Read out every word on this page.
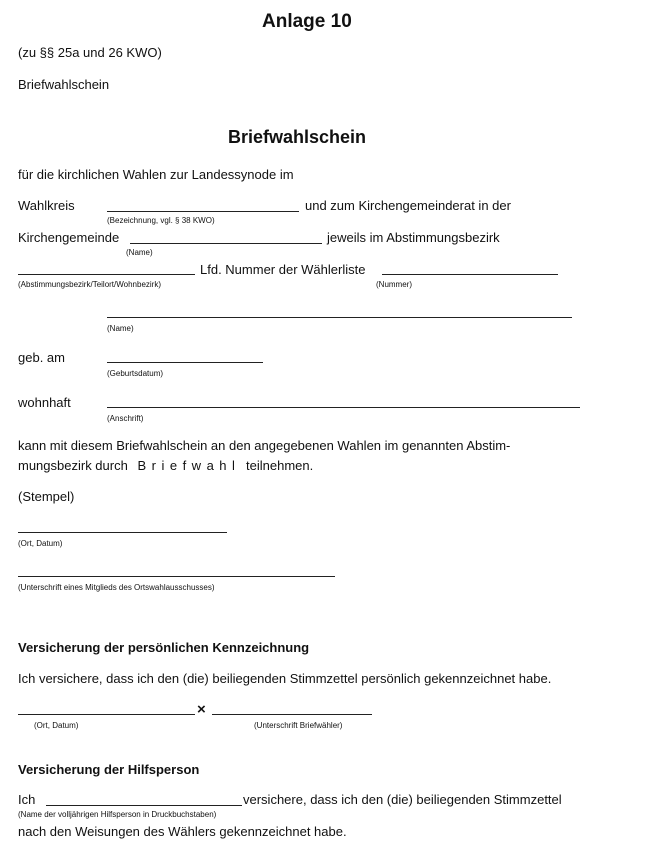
Anlage 10
(zu §§ 25a und 26 KWO)
Briefwahlschein
Briefwahlschein
für die kirchlichen Wahlen zur Landessynode im
Wahlkreis	und zum Kirchengemeinderat in der
(Bezeichnung, vgl. § 38 KWO)
Kirchengemeinde	jeweils im Abstimmungsbezirk
(Name)
Lfd. Nummer der Wählerliste
(Abstimmungsbezirk/Teilort/Wohnbezirk)	(Nummer)
(Name)
geb. am
(Geburtsdatum)
wohnhaft
(Anschrift)
kann mit diesem Briefwahlschein an den angegebenen Wahlen im genannten Abstim-
mungsbezirk durch Briefwahl teilnehmen.
(Stempel)
(Ort, Datum)
(Unterschrift eines Mitglieds des Ortswahlausschusses)
Versicherung der persönlichen Kennzeichnung
Ich versichere, dass ich den (die) beiliegenden Stimmzettel persönlich gekennzeichnet habe.
×
(Ort, Datum)	(Unterschrift Briefwähler)
Versicherung der Hilfsperson
Ich	versichere, dass ich den (die) beiliegenden Stimmzettel
(Name der volljährigen Hilfsperson in Druckbuchstaben)
nach den Weisungen des Wählers gekennzeichnet habe.
